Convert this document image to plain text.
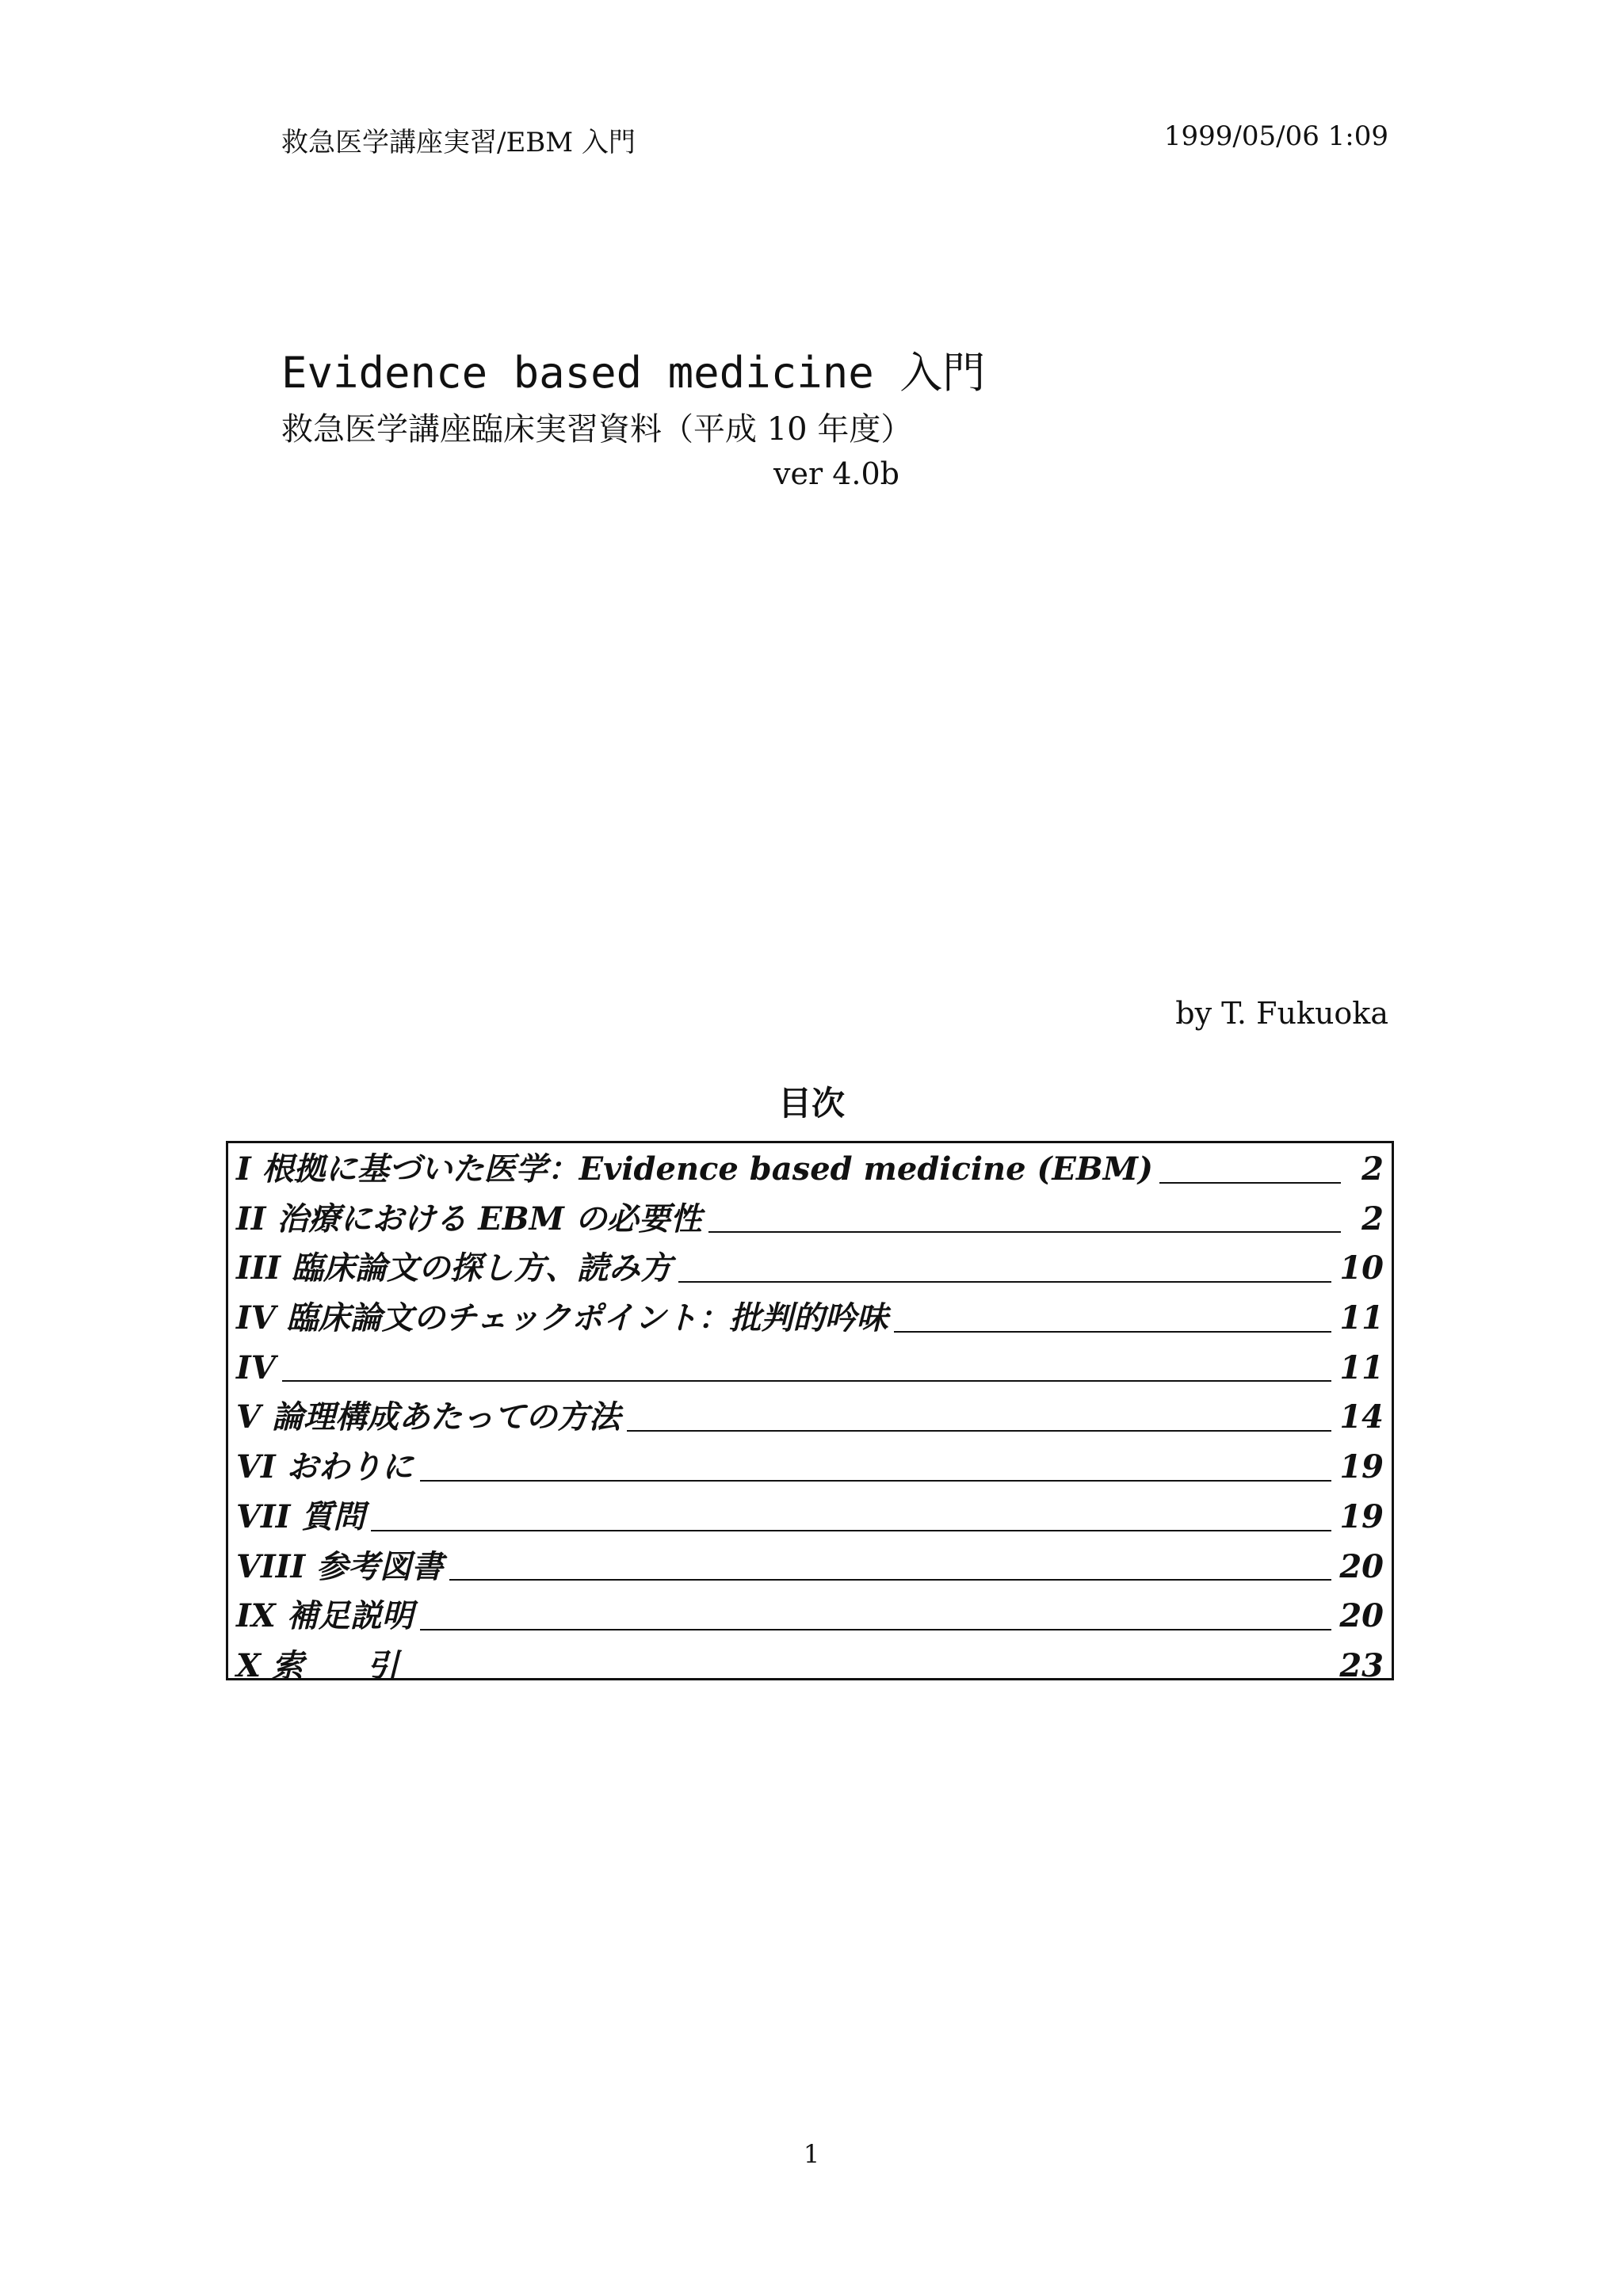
救急医学講座実習/EBM 入門	1999/05/06 1:09
Evidence based medicine 入門
救急医学講座臨床実習資料（平成 10 年度）
ver 4.0b
by T. Fukuoka
目次
I 根拠に基づいた医学：Evidence based medicine (EBM)	2
II 治療における EBM の必要性	2
III 臨床論文の探し方、読み方	10
IV 臨床論文のチェックポイント：批判的吟味	11
IV	11
V 論理構成あたっての方法	14
VI おわりに	19
VII 質問	19
VIII 参考図書	20
IX 補足説明	20
X 索　　引	23
1
